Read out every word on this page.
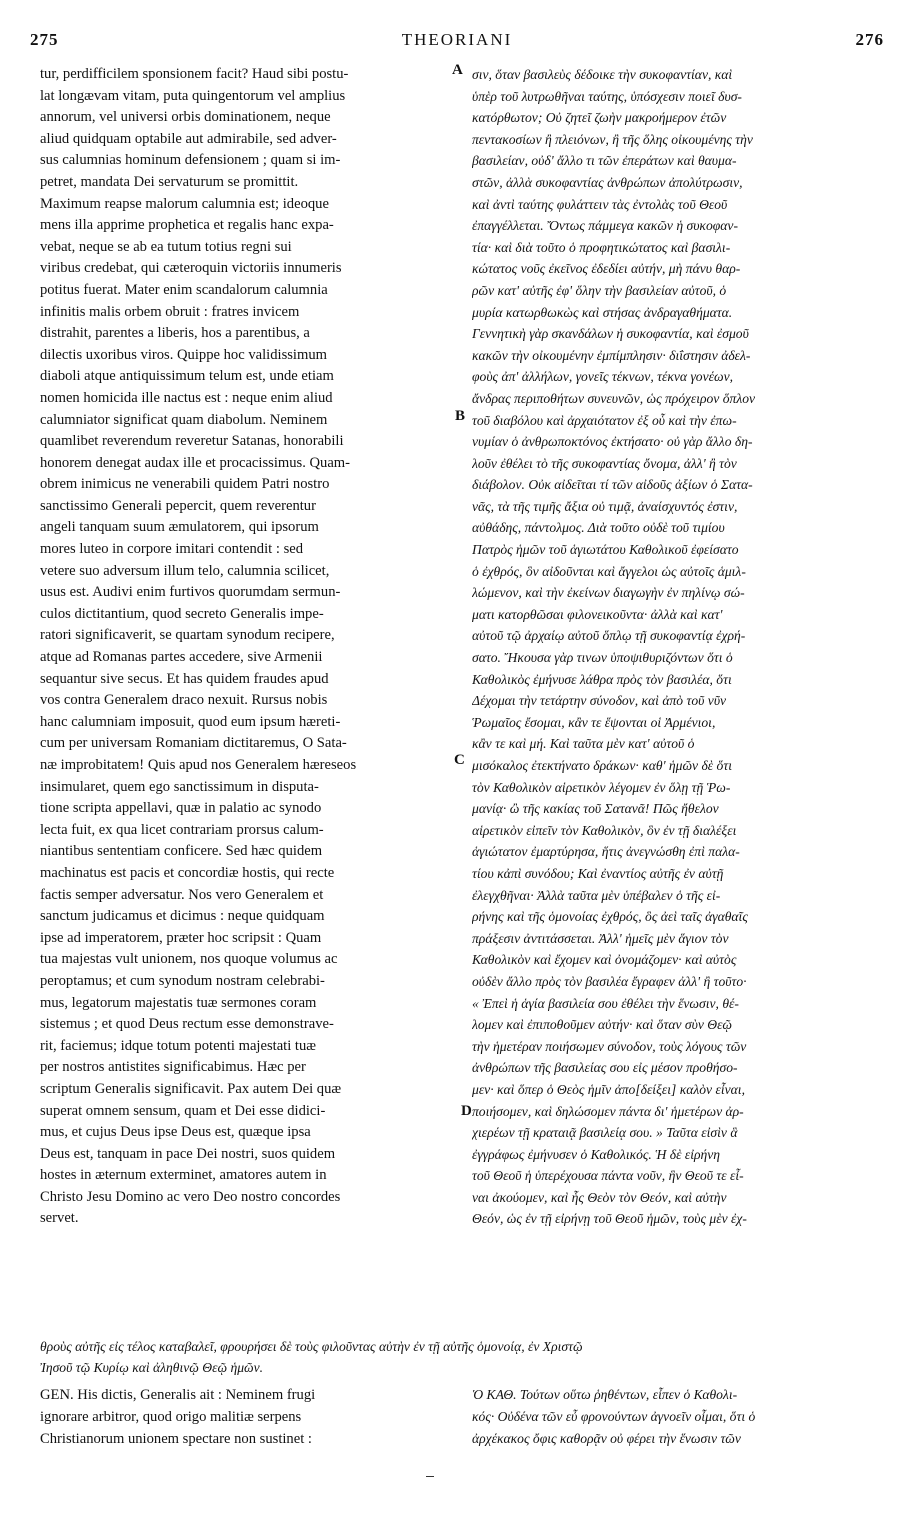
275	THEORIANI	276
tur, perdifficilem sponsionem facit? Haud sibi postu-
lat longævam vitam, puta quingentorum vel amplius
annorum, vel universi orbis dominationem, neque
aliud quidquam optabile aut admirabile, sed adver-
sus calumnias hominum defensionem ; quam si im-
petret, mandata Dei servaturum se promittit.
Maximum reapse malorum calumnia est; ideoque
mens illa apprime prophetica et regalis hanc expa-
vebat, neque se ab ea tutum totius regni sui
viribus credebat, qui cæteroquin victoriis innumeris
potitus fuerat. Mater enim scandalorum calumnia
infinitis malis orbem obruit : fratres invicem
distrahit, parentes a liberis, hos a parentibus, a
dilectis uxoribus viros. Quippe hoc validissimum
diaboli atque antiquissimum telum est, unde etiam
nomen homicida ille nactus est : neque enim aliud
calumniator significat quam diabolum. Neminem
quamlibet reverendum reveretur Satanas, honorabili
honorem denegat audax ille et procacissimus. Quam-
obrem inimicus ne venerabili quidem Patri nostro
sanctissimo Generali pepercit, quem reverentur
angeli tanquam suum æmulatorem, qui ipsorum
mores luteo in corpore imitari contendit : sed
vetere suo adversum illum telo, calumnia scilicet,
usus est. Audivi enim furtivos quorumdam sermun-
culos dictitantium, quod secreto Generalis impe-
ratori significaverit, se quartam synodum recipere,
atque ad Romanas partes accedere, sive Armenii
sequantur sive secus. Et has quidem fraudes apud
vos contra Generalem draco nexuit. Rursus nobis
hanc calumniam imposuit, quod eum ipsum hæreti-
cum per universam Romaniam dictitaremus, O Sata-
næ improbitatem! Quis apud nos Generalem hæreseos
insimularet, quem ego sanctissimum in disputa-
tione scripta appellavi, quæ in palatio ac synodo
lecta fuit, ex qua licet contrariam prorsus calum-
niantibus sententiam conficere. Sed hæc quidem
machinatus est pacis et concordiæ hostis, qui recte
factis semper adversatur. Nos vero Generalem et
sanctum judicamus et dicimus : neque quidquam
ipse ad imperatorem, præter hoc scripsit : Quam
tua majestas vult unionem, nos quoque volumus ac
peroptamus; et cum synodum nostram celebrabi-
mus, legatorum majestatis tuæ sermones coram
sistemus ; et quod Deus rectum esse demonstrave-
rit, faciemus; idque totum potenti majestati tuæ
per nostros antistites significabimus. Hæc per
scriptum Generalis significavit. Pax autem Dei quæ
superat omnem sensum, quam et Dei esse didici-
mus, et cujus Deus ipse Deus est, quæque ipsa
Deus est, tanquam in pace Dei nostri, suos quidem
hostes in æternum exterminet, amatores autem in
Christo Jesu Domino ac vero Deo nostro concordes
servet.
σιν, ὅταν βασιλεὺς δέδοικε τὴν συκοφαντίαν, καὶ
ὑπὲρ τοῦ λυτρωθῆναι ταύτης, ὑπόσχεσιν ποιεῖ δυσ-
κατόρθωτον; Οὐ ζητεῖ ζωὴν μακροήμερον ἐτῶν
πεντακοσίων ἢ πλειόνων, ἢ τῆς ὅλης οἰκουμένης τὴν
βασιλείαν, οὐδ' ἄλλο τι τῶν ἐπεράτων καὶ θαυμα-
στῶν, ἀλλὰ συκοφαντίας ἀνθρώπων ἀπολύτρωσιν,
καὶ ἀντὶ ταύτης φυλάττειν τὰς ἐντολὰς τοῦ Θεοῦ
ἐπαγγέλλεται. Ὄντως πάμμεγα κακῶν ἡ συκοφαν-
τία· καὶ διὰ τοῦτο ὁ προφητικώτατος καὶ βασιλι-
κώτατος νοῦς ἐκεῖνος ἐδεδίει αὐτήν, μὴ πάνυ θαρ-
ρῶν κατ' αὐτῆς ἐφ' ὅλην τὴν βασιλείαν αὐτοῦ, ὁ
μυρία κατωρθωκὼς καὶ στήσας ἀνδραγαθήματα.
Γεννητικὴ γὰρ σκανδάλων ἡ συκοφαντία, καὶ ἐσμοῦ
κακῶν τὴν οἰκουμένην ἐμπίμπλησιν· διΐστησιν ἀδελ-
φοὺς ἀπ' ἀλλήλων, γονεῖς τέκνων, τέκνα γονέων,
ἄνδρας περιποθήτων συνευνῶν, ὡς πρόχειρον ὅπλον
τοῦ διαβόλου καὶ ἀρχαιότατον ἐξ οὗ καὶ τὴν ἐπω-
νυμίαν ὁ ἀνθρωποκτόνος ἐκτήσατο· οὐ γὰρ ἄλλο δη-
λοῦν ἐθέλει τὸ τῆς συκοφαντίας ὄνομα, ἀλλ' ἢ τὸν
διάβολον. Οὐκ αἰδεῖται τί τῶν αἰδοῦς ἀξίων ὁ Σατα-
νᾶς, τὰ τῆς τιμῆς ἄξια οὐ τιμᾷ, ἀναίσχυντός ἐστιν,
αὐθάδης, πάντολμος. Διὰ τοῦτο οὐδὲ τοῦ τιμίου
Πατρὸς ἡμῶν τοῦ ἁγιωτάτου Καθολικοῦ ἐφείσατο
ὁ ἐχθρός, ὃν αἰδοῦνται καὶ ἄγγελοι ὡς αὐτοῖς ἁμιλ-
λώμενον, καὶ τὴν ἐκείνων διαγωγὴν ἐν πηλίνῳ σώ-
ματι κατορθῶσαι φιλονεικοῦντα· ἀλλὰ καὶ κατ'
αὐτοῦ τῷ ἀρχαίῳ αὐτοῦ ὅπλῳ τῇ συκοφαντίᾳ ἐχρή-
σατο. Ἤκουσα γὰρ τινων ὑποψιθυριζόντων ὅτι ὁ
Καθολικὸς ἐμήνυσε λάθρα πρὸς τὸν βασιλέα, ὅτι
Δέχομαι τὴν τετάρτην σύνοδον, καὶ ἀπὸ τοῦ νῦν
Ῥωμαῖος ἔσομαι, κἂν τε ἕψονται οἱ Ἀρμένιοι,
κἂν τε καὶ μή. Καὶ ταῦτα μὲν κατ' αὐτοῦ ὁ
μισόκαλος ἐτεκτήνατο δράκων· καθ' ἡμῶν δὲ ὅτι
τὸν Καθολικὸν αἱρετικὸν λέγομεν ἐν ὅλῃ τῇ Ῥω-
μανίᾳ· ὢ τῆς κακίας τοῦ Σατανᾶ! Πῶς ἤθελον
αἱρετικὸν εἰπεῖν τὸν Καθολικὸν, ὃν ἐν τῇ διαλέξει
ἁγιώτατον ἐμαρτύρησα, ἥτις ἀνεγνώσθη ἐπὶ παλα-
τίου κἀπὶ συνόδου; Καὶ ἐναντίος αὐτῆς ἐν αὐτῇ
ἐλεγχθῆναι· Ἀλλὰ ταῦτα μὲν ὑπέβαλεν ὁ τῆς εἰ-
ρήνης καὶ τῆς ὁμονοίας ἐχθρός, ὃς ἀεὶ ταῖς ἀγαθαῖς
πράξεσιν ἀντιτάσσεται. Ἀλλ' ἡμεῖς μὲν ἅγιον τὸν
Καθολικὸν καὶ ἔχομεν καὶ ὀνομάζομεν· καὶ αὐτὸς
οὐδὲν ἄλλο πρὸς τὸν βασιλέα ἔγραφεν ἀλλ' ἢ τοῦτο·
« Ἐπεὶ ἡ ἁγία βασιλεία σου ἐθέλει τὴν ἕνωσιν, θέ-
λομεν καὶ ἐπιποθοῦμεν αὐτήν· καὶ ὅταν σὺν Θεῷ
τὴν ἡμετέραν ποιήσωμεν σύνοδον, τοὺς λόγους τῶν
ἀνθρώπων τῆς βασιλείας σου εἰς μέσον προθήσο-
μεν· καὶ ὅπερ ὁ Θεὸς ἡμῖν ἀπο[δείξει] καλὸν εἶναι,
ποιήσομεν, καὶ δηλώσομεν πάντα δι' ἡμετέρων ἀρ-
χιερέων τῇ κραταιᾷ βασιλείᾳ σου. » Ταῦτα εἰσὶν ἃ
ἐγγράφως ἐμήνυσεν ὁ Καθολικός. Ἡ δὲ εἰρήνη
τοῦ Θεοῦ ἡ ὑπερέχουσα πάντα νοῦν, ἣν Θεοῦ τε εἶ-
ναι ἀκούομεν, καὶ ἧς Θεὸν τὸν Θεόν, καὶ αὐτὴν
Θεόν, ὡς ἐν τῇ εἰρήνῃ τοῦ Θεοῦ ἡμῶν, τοὺς μὲν ἐχ-
A
B
C
D
θροὺς αὐτῆς εἰς τέλος καταβαλεῖ, φρουρήσει δὲ τοὺς φιλοῦντας αὐτὴν ἐν τῇ αὐτῆς ὁμονοίᾳ, ἐν Χριστῷ
Ἰησοῦ τῷ Κυρίῳ καὶ ἀληθινῷ Θεῷ ἡμῶν.
GEN. His dictis, Generalis ait : Neminem frugi
ignorare arbitror, quod origo malitiæ serpens
Christianorum unionem spectare non sustinet :
Ὁ ΚΑΘ. Τούτων οὕτω ῥηθέντων, εἶπεν ὁ Καθολι-
κός· Οὐδένα τῶν εὖ φρονούντων ἀγνοεῖν οἶμαι, ὅτι ὁ
ἀρχέκακος ὄφις καθορᾷν οὐ φέρει τὴν ἕνωσιν τῶν
